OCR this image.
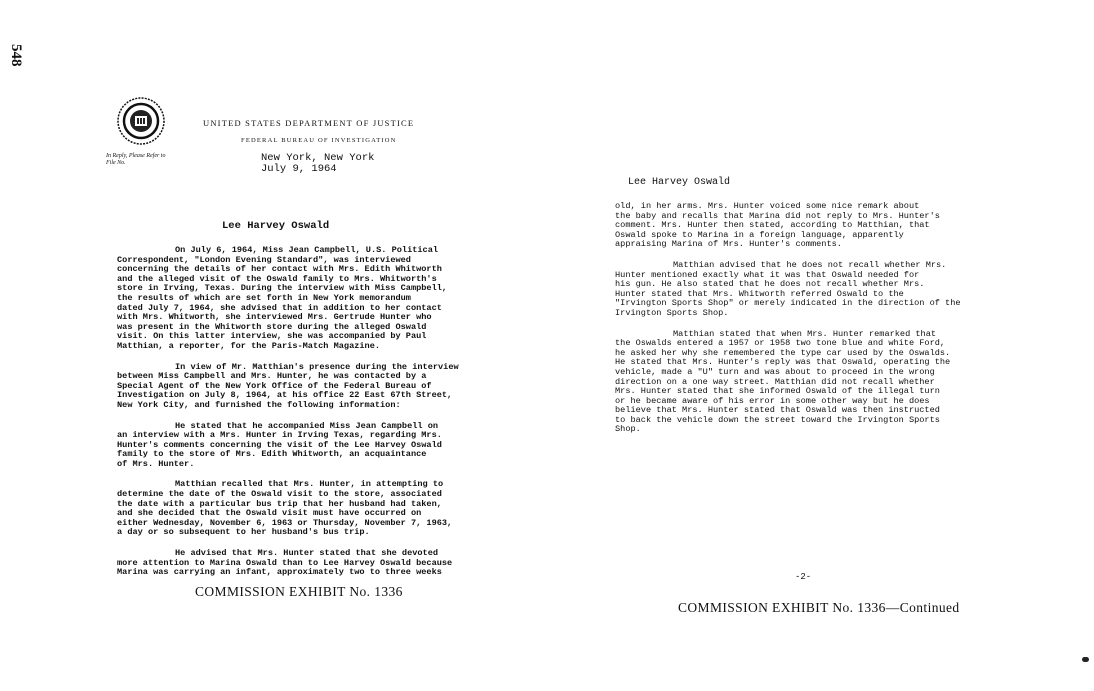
548
UNITED STATES DEPARTMENT OF JUSTICE
FEDERAL BUREAU OF INVESTIGATION
In Reply, Please Refer to
File No.	New York, New York
July 9, 1964
Lee Harvey Oswald

On July 6, 1964, Miss Jean Campbell, U.S. Political
Correspondent, "London Evening Standard", was interviewed
concerning the details of her contact with Mrs. Edith Whitworth
and the alleged visit of the Oswald family to Mrs. Whitworth's
store in Irving, Texas. During the interview with Miss Campbell,
the results of which are set forth in New York memorandum
dated July 7, 1964, she advised that in addition to her contact
with Mrs. Whitworth, she interviewed Mrs. Gertrude Hunter who
was present in the Whitworth store during the alleged Oswald
visit. On this latter interview, she was accompanied by Paul
Matthian, a reporter, for the Paris-Match Magazine.

In view of Mr. Matthian's presence during the interview
between Miss Campbell and Mrs. Hunter, he was contacted by a
Special Agent of the New York Office of the Federal Bureau of
Investigation on July 8, 1964, at his office 22 East 67th Street,
New York City, and furnished the following information:

He stated that he accompanied Miss Jean Campbell on
an interview with a Mrs. Hunter in Irving Texas, regarding Mrs.
Hunter's comments concerning the visit of the Lee Harvey Oswald
family to the store of Mrs. Edith Whitworth, an acquaintance
of Mrs. Hunter.

Matthian recalled that Mrs. Hunter, in attempting to
determine the date of the Oswald visit to the store, associated
the date with a particular bus trip that her husband had taken,
and she decided that the Oswald visit must have occurred on
either Wednesday, November 6, 1963 or Thursday, November 7, 1963,
a day or so subsequent to her husband's bus trip.

He advised that Mrs. Hunter stated that she devoted
more attention to Marina Oswald than to Lee Harvey Oswald because
Marina was carrying an infant, approximately two to three weeks

COMMISSION EXHIBIT No. 1336
Lee Harvey Oswald

old, in her arms. Mrs. Hunter voiced some nice remark about
the baby and recalls that Marina did not reply to Mrs. Hunter's
comment. Mrs. Hunter then stated, according to Matthian, that
Oswald spoke to Marina in a foreign language, apparently
appraising Marina of Mrs. Hunter's comments.

Matthian advised that he does not recall whether Mrs.
Hunter mentioned exactly what it was that Oswald needed for
his gun. He also stated that he does not recall whether Mrs.
Hunter stated that Mrs. Whitworth referred Oswald to the
"Irvington Sports Shop" or merely indicated in the direction of the
Irvington Sports Shop.

Matthian stated that when Mrs. Hunter remarked that
the Oswalds entered a 1957 or 1958 two tone blue and white Ford,
he asked her why she remembered the type car used by the Oswalds.
He stated that Mrs. Hunter's reply was that Oswald, operating the
vehicle, made a "U" turn and was about to proceed in the wrong
direction on a one way street. Matthian did not recall whether
Mrs. Hunter stated that she informed Oswald of the illegal turn
or he became aware of his error in some other way but he does
believe that Mrs. Hunter stated that Oswald was then instructed
to back the vehicle down the street toward the Irvington Sports
Shop.

-2-
COMMISSION EXHIBIT No. 1336—Continued
